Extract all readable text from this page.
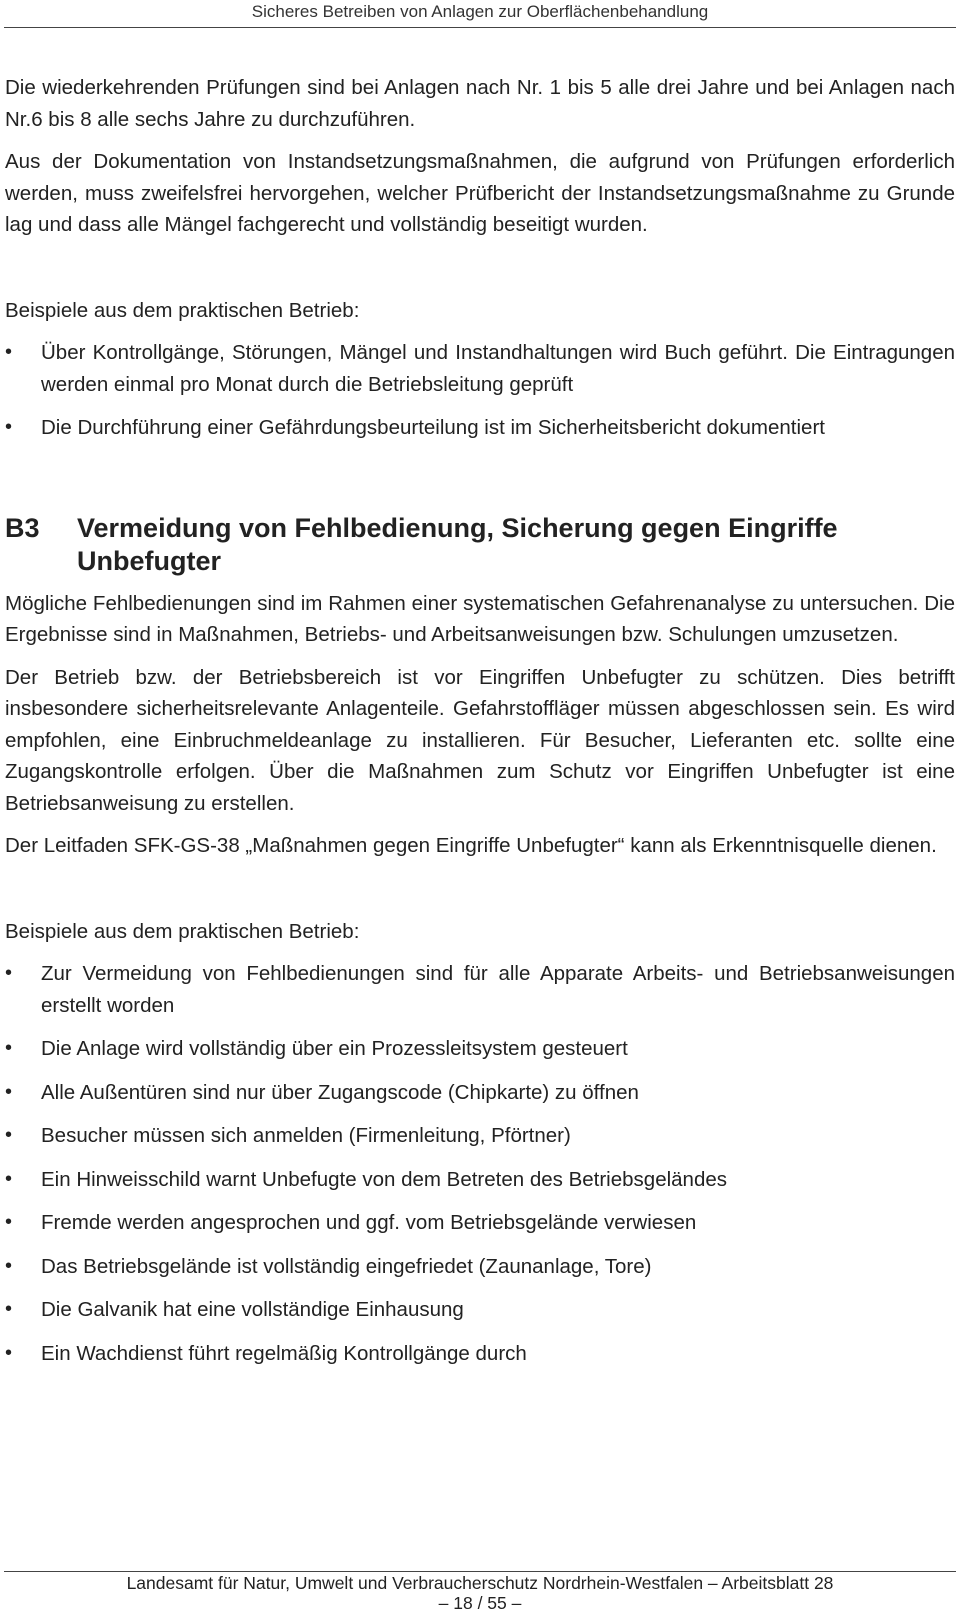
Sicheres Betreiben von Anlagen zur Oberflächenbehandlung

Die wiederkehrenden Prüfungen sind bei Anlagen nach Nr. 1 bis 5 alle drei Jahre und bei Anlagen nach Nr.6 bis 8 alle sechs Jahre zu durchzuführen.

Aus der Dokumentation von Instandsetzungsmaßnahmen, die aufgrund von Prüfungen erforderlich werden, muss zweifelsfrei hervorgehen, welcher Prüfbericht der Instandsetzungsmaßnahme zu Grunde lag und dass alle Mängel fachgerecht und vollständig beseitigt wurden.

Beispiele aus dem praktischen Betrieb:

•	Über Kontrollgänge, Störungen, Mängel und Instandhaltungen wird Buch geführt. Die Eintragungen werden einmal pro Monat durch die Betriebsleitung geprüft
•	Die Durchführung einer Gefährdungsbeurteilung ist im Sicherheitsbericht dokumentiert
B3	Vermeidung von Fehlbedienung, Sicherung gegen Eingriffe Unbefugter

Mögliche Fehlbedienungen sind im Rahmen einer systematischen Gefahrenanalyse zu untersuchen. Die Ergebnisse sind in Maßnahmen, Betriebs- und Arbeitsanweisungen bzw. Schulungen umzusetzen.

Der Betrieb bzw. der Betriebsbereich ist vor Eingriffen Unbefugter zu schützen. Dies betrifft insbesondere sicherheitsrelevante Anlagenteile. Gefahrstoffläger müssen abgeschlossen sein. Es wird empfohlen, eine Einbruchmeldeanlage zu installieren. Für Besucher, Lieferanten etc. sollte eine Zugangskontrolle erfolgen. Über die Maßnahmen zum Schutz vor Eingriffen Unbefugter ist eine Betriebsanweisung zu erstellen.

Der Leitfaden SFK-GS-38 „Maßnahmen gegen Eingriffe Unbefugter“ kann als Erkenntnisquelle dienen.

Beispiele aus dem praktischen Betrieb:

•	Zur Vermeidung von Fehlbedienungen sind für alle Apparate Arbeits- und Betriebsanweisungen erstellt worden
•	Die Anlage wird vollständig über ein Prozessleitsystem gesteuert
•	Alle Außentüren sind nur über Zugangscode (Chipkarte) zu öffnen
•	Besucher müssen sich anmelden (Firmenleitung, Pförtner)
•	Ein Hinweisschild warnt Unbefugte von dem Betreten des Betriebsgeländes
•	Fremde werden angesprochen und ggf. vom Betriebsgelände verwiesen
•	Das Betriebsgelände ist vollständig eingefriedet (Zaunanlage, Tore)
•	Die Galvanik hat eine vollständige Einhausung
•	Ein Wachdienst führt regelmäßig Kontrollgänge durch
Landesamt für Natur, Umwelt und Verbraucherschutz Nordrhein-Westfalen – Arbeitsblatt 28
– 18 / 55 –
